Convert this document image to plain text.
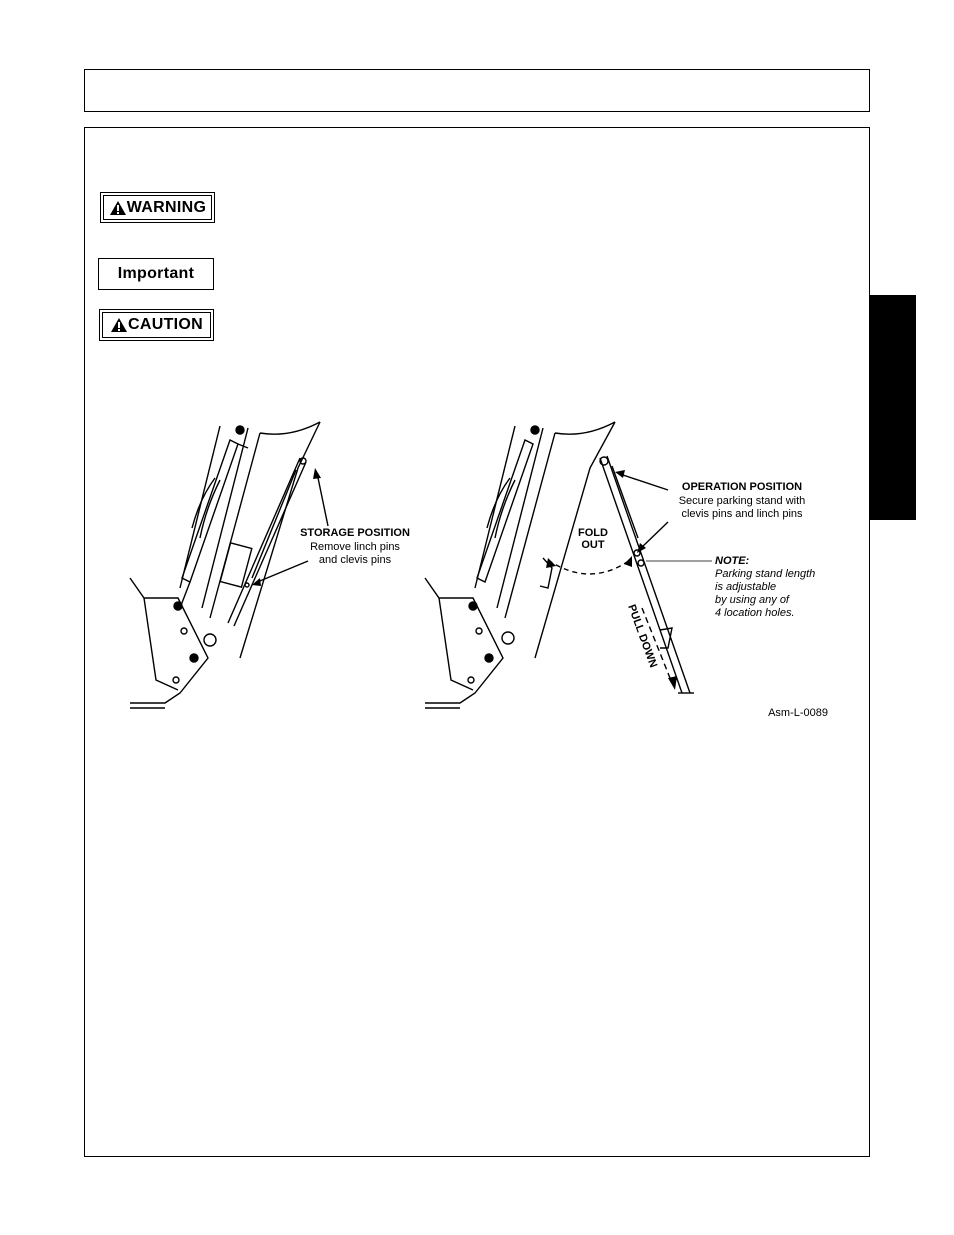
WARNING
Important
CAUTION
STORAGE POSITION
Remove linch pins
and clevis pins
OPERATION POSITION
Secure parking stand with
clevis pins and linch pins
FOLD
OUT
PULL DOWN
NOTE:
Parking stand length
is adjustable
by using any of
4 location holes.
Asm-L-0089
